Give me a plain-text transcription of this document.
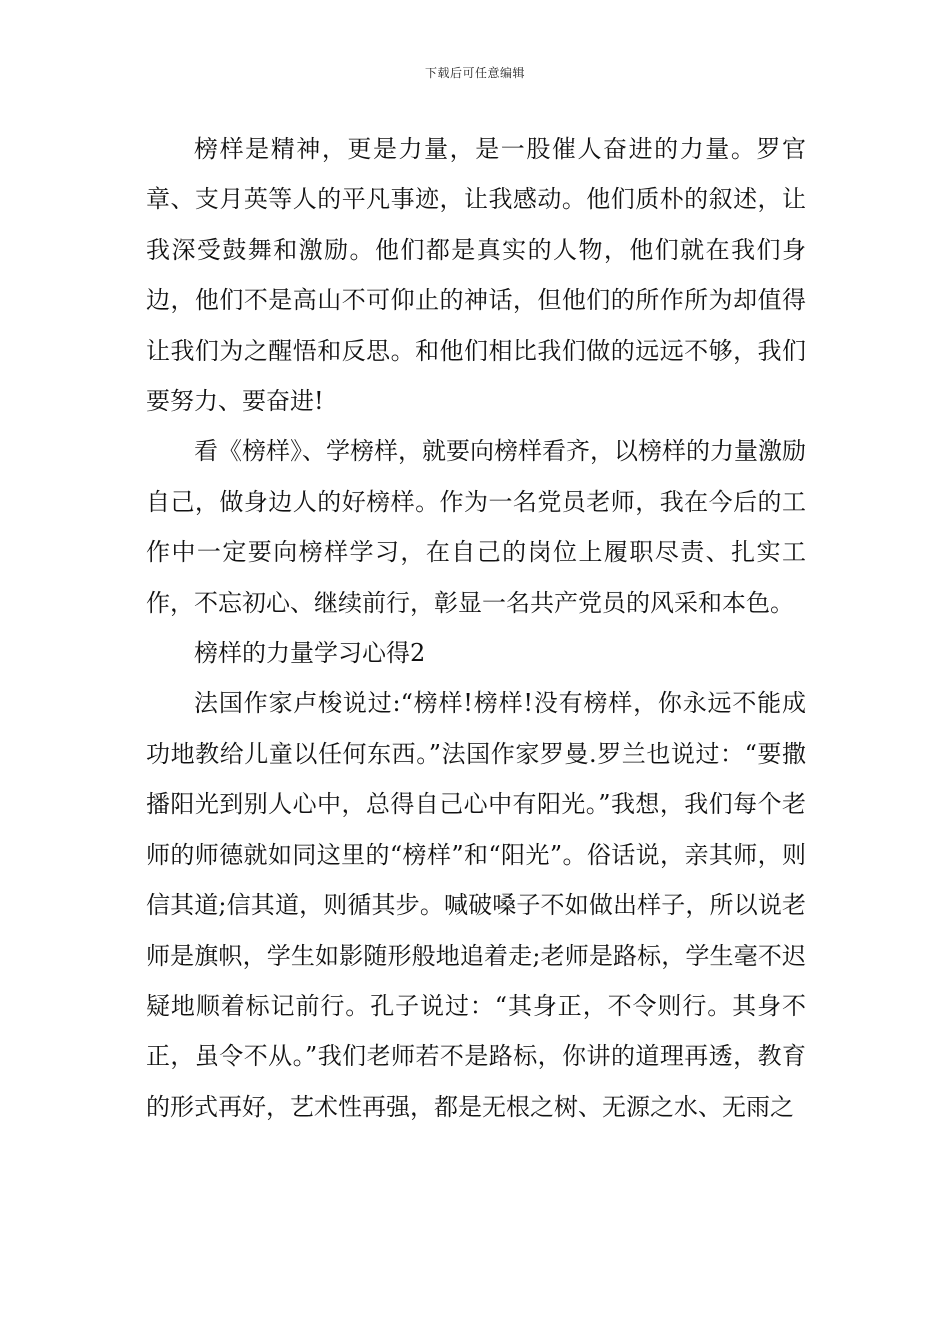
下载后可任意编辑

榜样是精神，更是力量，是一股催人奋进的力量。罗官章、支月英等人的平凡事迹，让我感动。他们质朴的叙述，让我深受鼓舞和激励。他们都是真实的人物，他们就在我们身边，他们不是高山不可仰止的神话，但他们的所作所为却值得让我们为之醒悟和反思。和他们相比我们做的远远不够，我们要努力、要奋进!

看《榜样》、学榜样，就要向榜样看齐，以榜样的力量激励自己，做身边人的好榜样。作为一名党员老师，我在今后的工作中一定要向榜样学习，在自己的岗位上履职尽责、扎实工作，不忘初心、继续前行，彰显一名共产党员的风采和本色。

榜样的力量学习心得2

法国作家卢梭说过:“榜样!榜样!没有榜样，你永远不能成功地教给儿童以任何东西。”法国作家罗曼.罗兰也说过：“要撒播阳光到别人心中，总得自己心中有阳光。”我想，我们每个老师的师德就如同这里的“榜样”和“阳光”。俗话说，亲其师，则信其道;信其道，则循其步。喊破嗓子不如做出样子，所以说老师是旗帜，学生如影随形般地追着走;老师是路标，学生毫不迟疑地顺着标记前行。孔子说过：“其身正，不令则行。其身不正，虽令不从。”我们老师若不是路标，你讲的道理再透，教育的形式再好，艺术性再强，都是无根之树、无源之水、无雨之
